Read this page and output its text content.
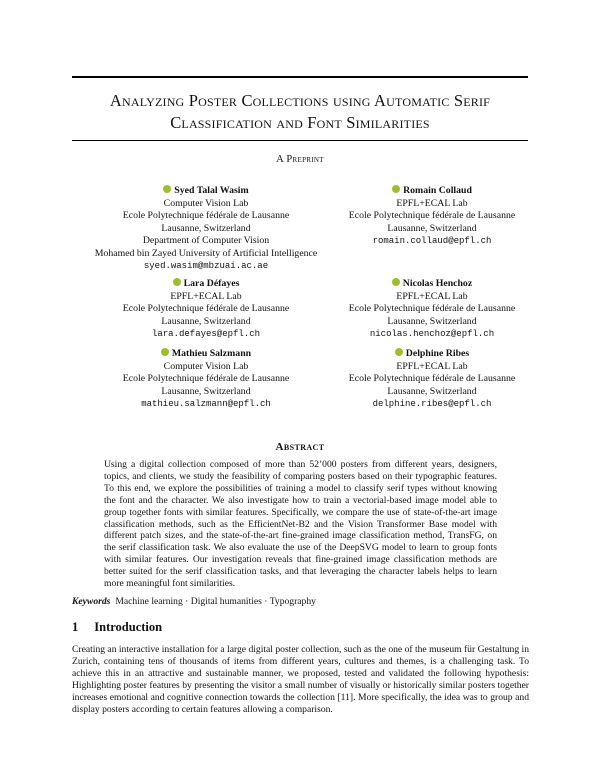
Analyzing Poster Collections using Automatic Serif Classification and Font Similarities
A Preprint
Syed Talal Wasim
Computer Vision Lab
Ecole Polytechnique fédérale de Lausanne
Lausanne, Switzerland
Department of Computer Vision
Mohamed bin Zayed University of Artificial Intelligence
syed.wasim@mbzuai.ac.ae
Romain Collaud
EPFL+ECAL Lab
Ecole Polytechnique fédérale de Lausanne
Lausanne, Switzerland
romain.collaud@epfl.ch
Lara Défayes
EPFL+ECAL Lab
Ecole Polytechnique fédérale de Lausanne
Lausanne, Switzerland
lara.defayes@epfl.ch
Nicolas Henchoz
EPFL+ECAL Lab
Ecole Polytechnique fédérale de Lausanne
Lausanne, Switzerland
nicolas.henchoz@epfl.ch
Mathieu Salzmann
Computer Vision Lab
Ecole Polytechnique fédérale de Lausanne
Lausanne, Switzerland
mathieu.salzmann@epfl.ch
Delphine Ribes
EPFL+ECAL Lab
Ecole Polytechnique fédérale de Lausanne
Lausanne, Switzerland
delphine.ribes@epfl.ch
Abstract

Using a digital collection composed of more than 52’000 posters from different years, designers, topics, and clients, we study the feasibility of comparing posters based on their typographic features. To this end, we explore the possibilities of training a model to classify serif types without knowing the font and the character. We also investigate how to train a vectorial-based image model able to group together fonts with similar features. Specifically, we compare the use of state-of-the-art image classification methods, such as the EfficientNet-B2 and the Vision Transformer Base model with different patch sizes, and the state-of-the-art fine-grained image classification method, TransFG, on the serif classification task. We also evaluate the use of the DeepSVG model to learn to group fonts with similar features. Our investigation reveals that fine-grained image classification methods are better suited for the serif classification tasks, and that leveraging the character labels helps to learn more meaningful font similarities.

Keywords Machine learning · Digital humanities · Typography
1 Introduction

Creating an interactive installation for a large digital poster collection, such as the one of the museum für Gestaltung in Zurich, containing tens of thousands of items from different years, cultures and themes, is a challenging task. To achieve this in an attractive and sustainable manner, we proposed, tested and validated the following hypothesis: Highlighting poster features by presenting the visitor a small number of visually or historically similar posters together increases emotional and cognitive connection towards the collection [11]. More specifically, the idea was to group and display posters according to certain features allowing a comparison.
